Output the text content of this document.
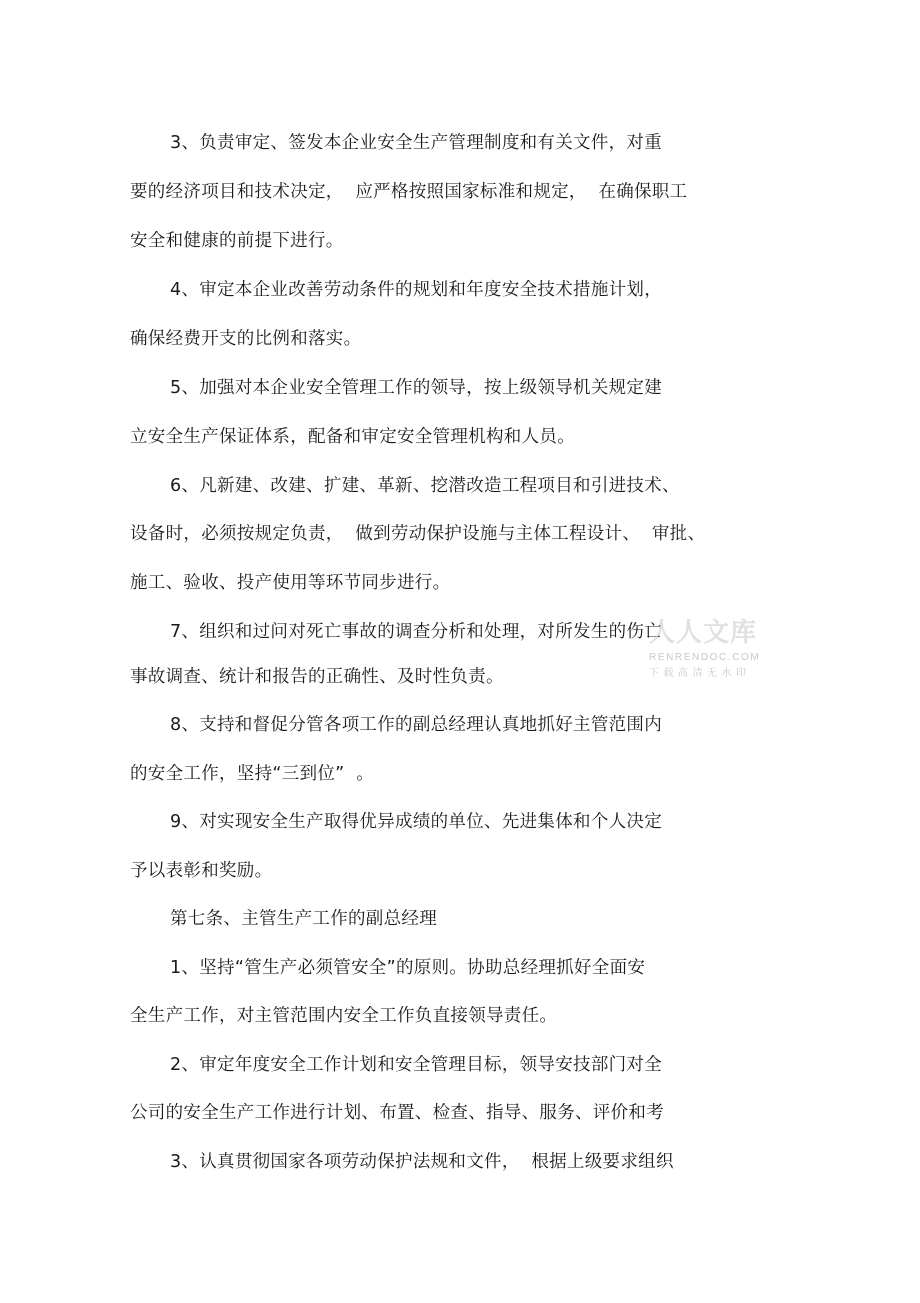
3、负责审定、签发本企业安全生产管理制度和有关文件，对重
要的经济项目和技术决定，  应严格按照国家标准和规定，  在确保职工
安全和健康的前提下进行。
4、审定本企业改善劳动条件的规划和年度安全技术措施计划，
确保经费开支的比例和落实。
5、加强对本企业安全管理工作的领导，按上级领导机关规定建
立安全生产保证体系，配备和审定安全管理机构和人员。
6、凡新建、改建、扩建、革新、挖潜改造工程项目和引进技术、
设备时，必须按规定负责，  做到劳动保护设施与主体工程设计、  审批、
施工、验收、投产使用等环节同步进行。
7、组织和过问对死亡事故的调查分析和处理，对所发生的伤亡
事故调查、统计和报告的正确性、及时性负责。
8、支持和督促分管各项工作的副总经理认真地抓好主管范围内
的安全工作，坚持“三到位”  。
9、对实现安全生产取得优异成绩的单位、先进集体和个人决定
予以表彰和奖励。
第七条、主管生产工作的副总经理
1、坚持“管生产必须管安全”的原则。协助总经理抓好全面安
全生产工作，对主管范围内安全工作负直接领导责任。
2、审定年度安全工作计划和安全管理目标，领导安技部门对全
公司的安全生产工作进行计划、布置、检查、指导、服务、评价和考
3、认真贯彻国家各项劳动保护法规和文件，  根据上级要求组织
人人文库
RENRENDOC.COM
下载高清无水印
